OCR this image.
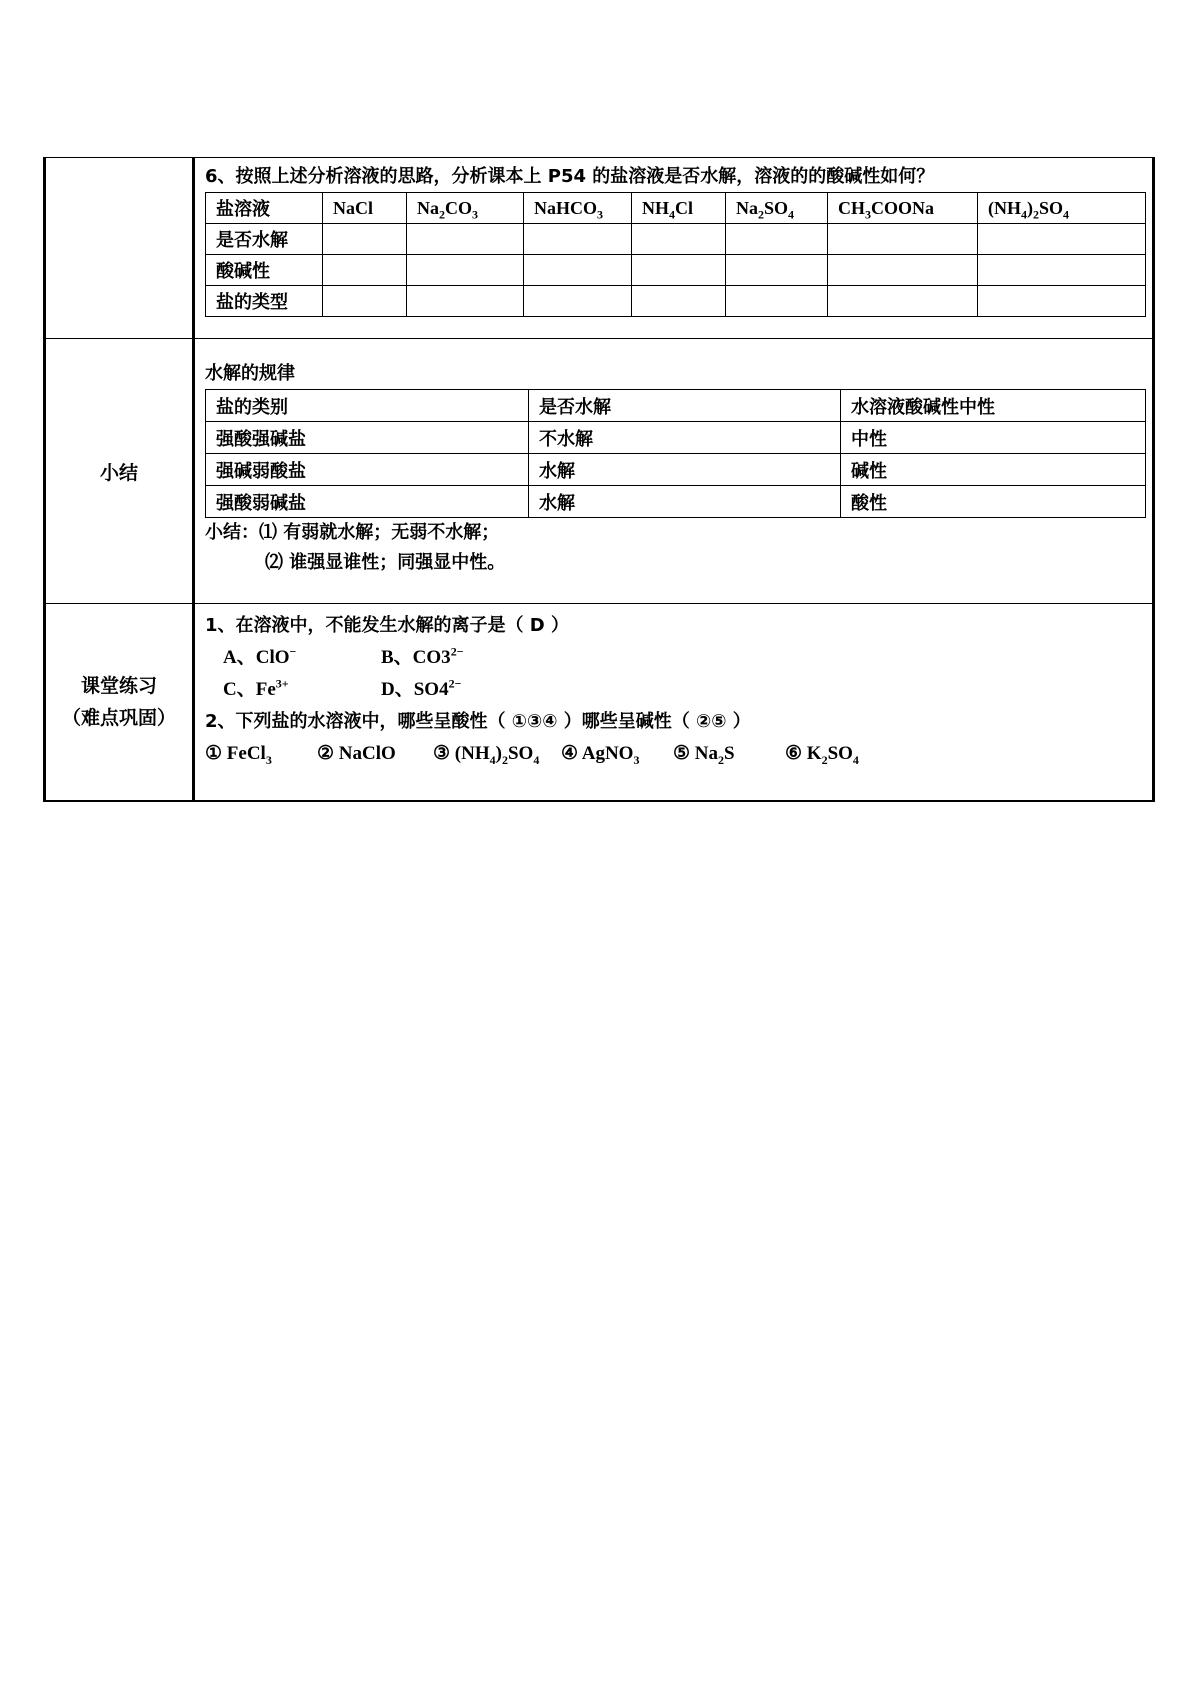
6、按照上述分析溶液的思路，分析课本上 P54 的盐溶液是否水解，溶液的的酸碱性如何？
盐溶液	NaCl	$Na_2CO_3$	NaHCO$_3$	$NH_4Cl$	$Na_2SO_4$	$CH_3COONa$	$(NH_4)_2SO_4$
是否水解							
酸碱性							
盐的类型							

小结	
水解的规律
盐的类别	是否水解	水溶液酸碱性中性
强酸强碱盐	不水解	中性
强碱弱酸盐	水解	碱性
强酸弱碱盐	水解	酸性
小结：⑴ 有弱就水解；无弱不水解；
⑵ 谁强显谁性；同强显中性。

课堂练习
（难点巩固）

1、在溶液中，不能发生水解的离子是（ D ）
A、ClO−	B、$CO3^{2-}$
C、$Fe^{3+}$	D、$SO4^{2-}$
2、下列盐的水溶液中，哪些呈酸性（ ①③④ ）哪些呈碱性（ ②⑤ ）
① FeCl$_3$ ② NaClO ③ $(NH_4)_2SO_4$ ④ AgNO$_3$ ⑤ $Na_2S$	⑥ $K_2SO_4$
